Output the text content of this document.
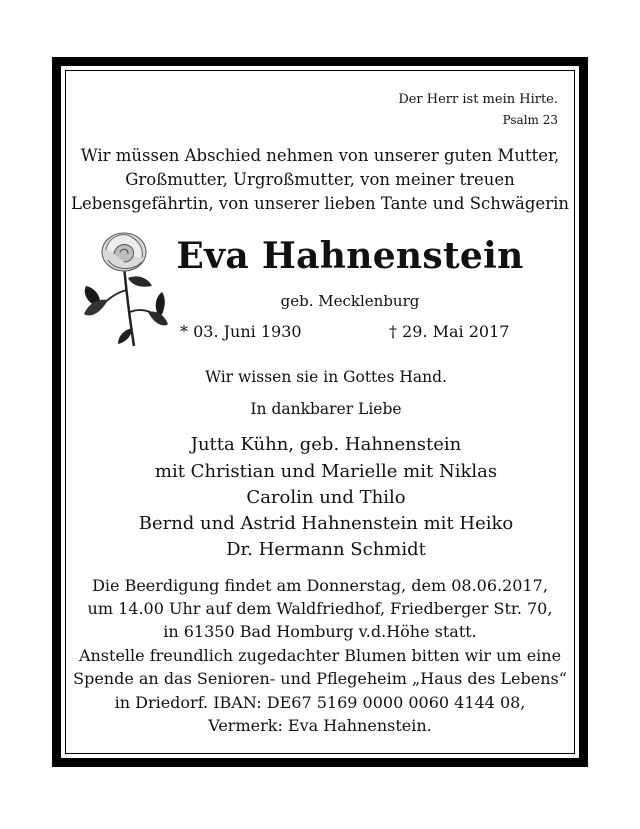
Der Herr ist mein Hirte.
Psalm 23
Wir müssen Abschied nehmen von unserer guten Mutter,
Großmutter, Urgroßmutter, von meiner treuen
Lebensgefährtin, von unserer lieben Tante und Schwägerin
Eva Hahnenstein
geb. Mecklenburg
* 03. Juni 1930	† 29. Mai 2017
Wir wissen sie in Gottes Hand.
In dankbarer Liebe
Jutta Kühn, geb. Hahnenstein
mit Christian und Marielle mit Niklas
Carolin und Thilo
Bernd und Astrid Hahnenstein mit Heiko
Dr. Hermann Schmidt
Die Beerdigung findet am Donnerstag, dem 08.06.2017,
um 14.00 Uhr auf dem Waldfriedhof, Friedberger Str. 70,
in 61350 Bad Homburg v.d.Höhe statt.
Anstelle freundlich zugedachter Blumen bitten wir um eine
Spende an das Senioren- und Pflegeheim „Haus des Lebens“
in Driedorf. IBAN: DE67 5169 0000 0060 4144 08,
Vermerk: Eva Hahnenstein.
